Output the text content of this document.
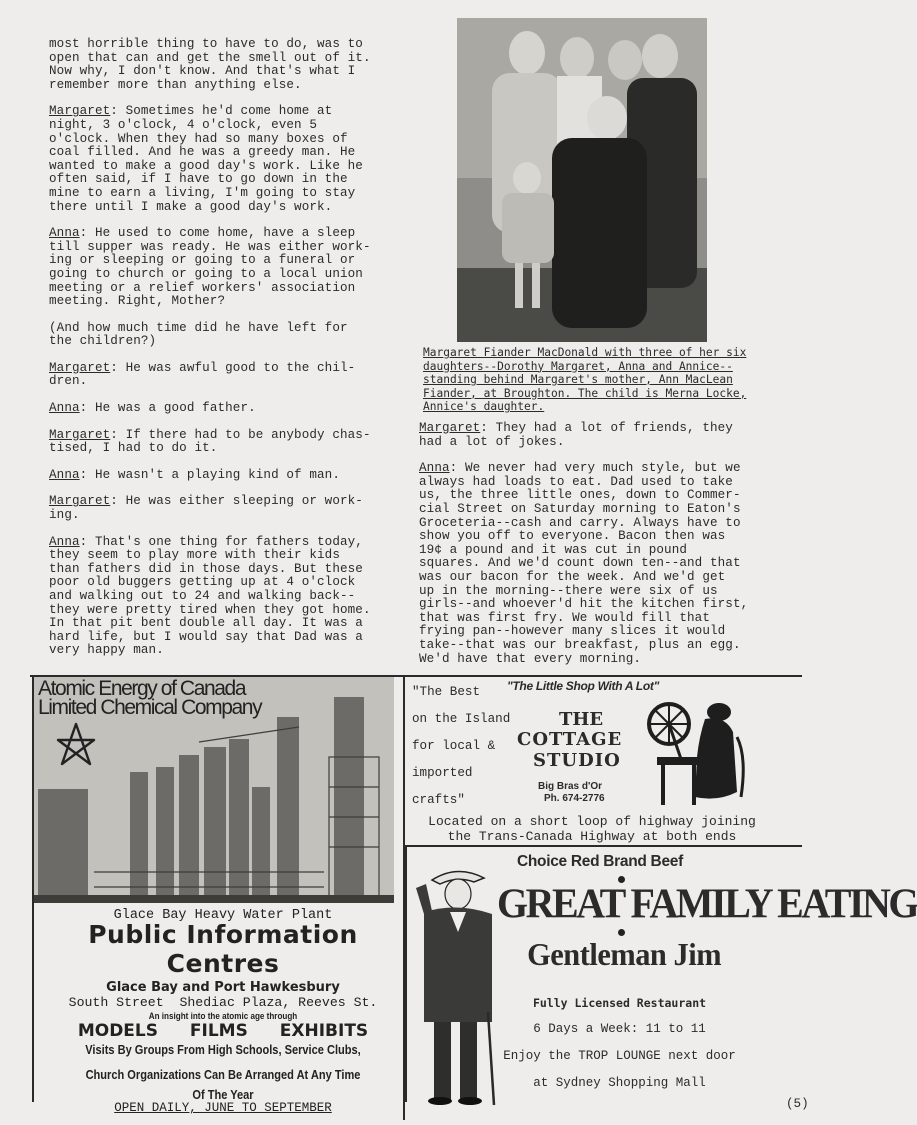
most horrible thing to have to do, was to
open that can and get the smell out of it.
Now why, I don't know. And that's what I
remember more than anything else.

Margaret: Sometimes he'd come home at
night, 3 o'clock, 4 o'clock, even 5
o'clock. When they had so many boxes of
coal filled. And he was a greedy man. He
wanted to make a good day's work. Like he
often said, if I have to go down in the
mine to earn a living, I'm going to stay
there until I make a good day's work.

Anna: He used to come home, have a sleep
till supper was ready. He was either work-
ing or sleeping or going to a funeral or
going to church or going to a local union
meeting or a relief workers' association
meeting. Right, Mother?

(And how much time did he have left for
the children?)

Margaret: He was awful good to the chil-
dren.

Anna: He was a good father.

Margaret: If there had to be anybody chas-
tised, I had to do it.

Anna: He wasn't a playing kind of man.

Margaret: He was either sleeping or work-
ing.

Anna: That's one thing for fathers today,
they seem to play more with their kids
than fathers did in those days. But these
poor old buggers getting up at 4 o'clock
and walking out to 24 and walking back--
they were pretty tired when they got home.
In that pit bent double all day. It was a
hard life, but I would say that Dad was a
very happy man.

Margaret Fiander MacDonald with three of her six daughters--Dorothy Margaret, Anna and Annice--standing behind Margaret's mother, Ann MacLean Fiander, at Broughton. The child is Merna Locke, Annice's daughter.

Margaret: They had a lot of friends, they
had a lot of jokes.

Anna: We never had very much style, but we
always had loads to eat. Dad used to take
us, the three little ones, down to Commer-
cial Street on Saturday morning to Eaton's
Groceteria--cash and carry. Always have to
show you off to everyone. Bacon then was
19¢ a pound and it was cut in pound
squares. And we'd count down ten--and that
was our bacon for the week. And we'd get
up in the morning--there were six of us
girls--and whoever'd hit the kitchen first,
that was first fry. We would fill that
frying pan--however many slices it would
take--that was our breakfast, plus an egg.
We'd have that every morning.

Atomic Energy of Canada
Limited Chemical Company
Glace Bay Heavy Water Plant
Public Information
Centres
Glace Bay and Port Hawkesbury
South Street  Shediac Plaza, Reeves St.
An insight into the atomic age through
MODELS FILMS EXHIBITS
Visits By Groups From High Schools, Service Clubs,
Church Organizations Can Be Arranged At Any Time
Of The Year
OPEN DAILY, JUNE TO SEPTEMBER
"The Little Shop With A Lot"
"The Best
on the Island
for local &
imported
crafts"
THE
COTTAGE
STUDIO
Big Bras d'Or
Ph. 674-2776
Located on a short loop of highway joining
the Trans-Canada Highway at both ends
Choice Red Brand Beef
GREAT FAMILY EATING
Gentleman Jim
Fully Licensed Restaurant
6 Days a Week: 11 to 11
Enjoy the TROP LOUNGE next door
at Sydney Shopping Mall
(5)
